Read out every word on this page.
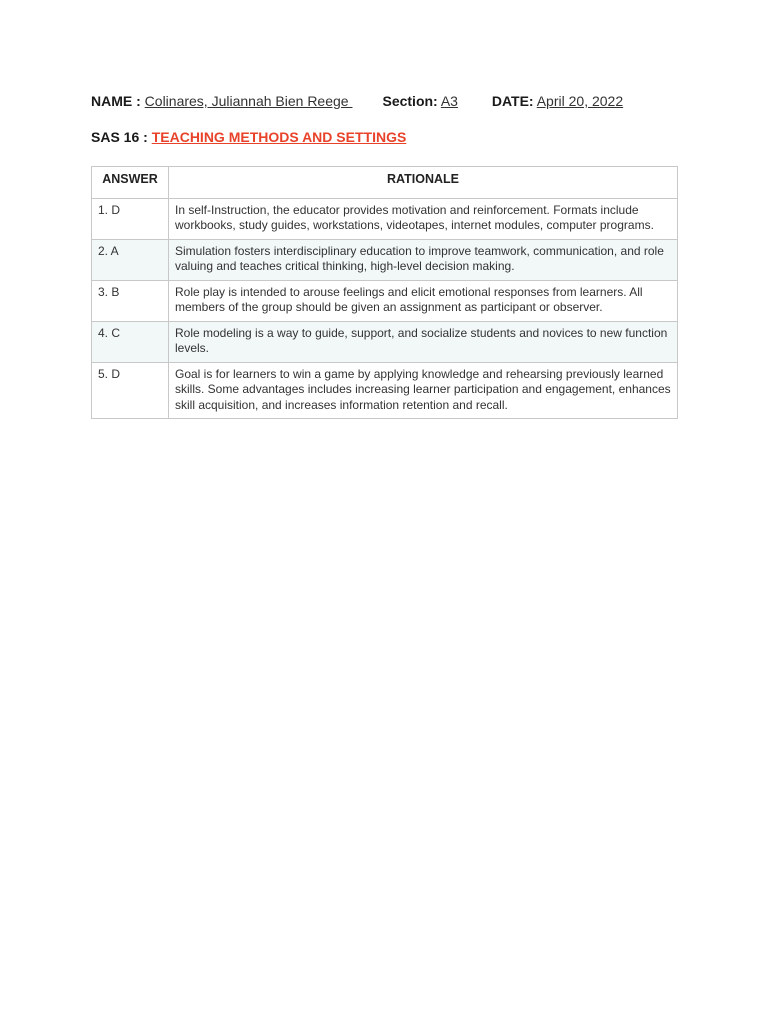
NAME : Colinares, Juliannah Bien Reege Section: A3 DATE: April 20, 2022
SAS 16 : TEACHING METHODS AND SETTINGS
ANSWER	RATIONALE
1. D	In self-Instruction, the educator provides motivation and reinforcement. Formats include workbooks, study guides, workstations, videotapes, internet modules, computer programs.
2. A	Simulation fosters interdisciplinary education to improve teamwork, communication, and role valuing and teaches critical thinking, high-level decision making.
3. B	Role play is intended to arouse feelings and elicit emotional responses from learners. All members of the group should be given an assignment as participant or observer.
4. C	Role modeling is a way to guide, support, and socialize students and novices to new function levels.
5. D	Goal is for learners to win a game by applying knowledge and rehearsing previously learned skills. Some advantages includes increasing learner participation and engagement, enhances skill acquisition, and increases information retention and recall.
